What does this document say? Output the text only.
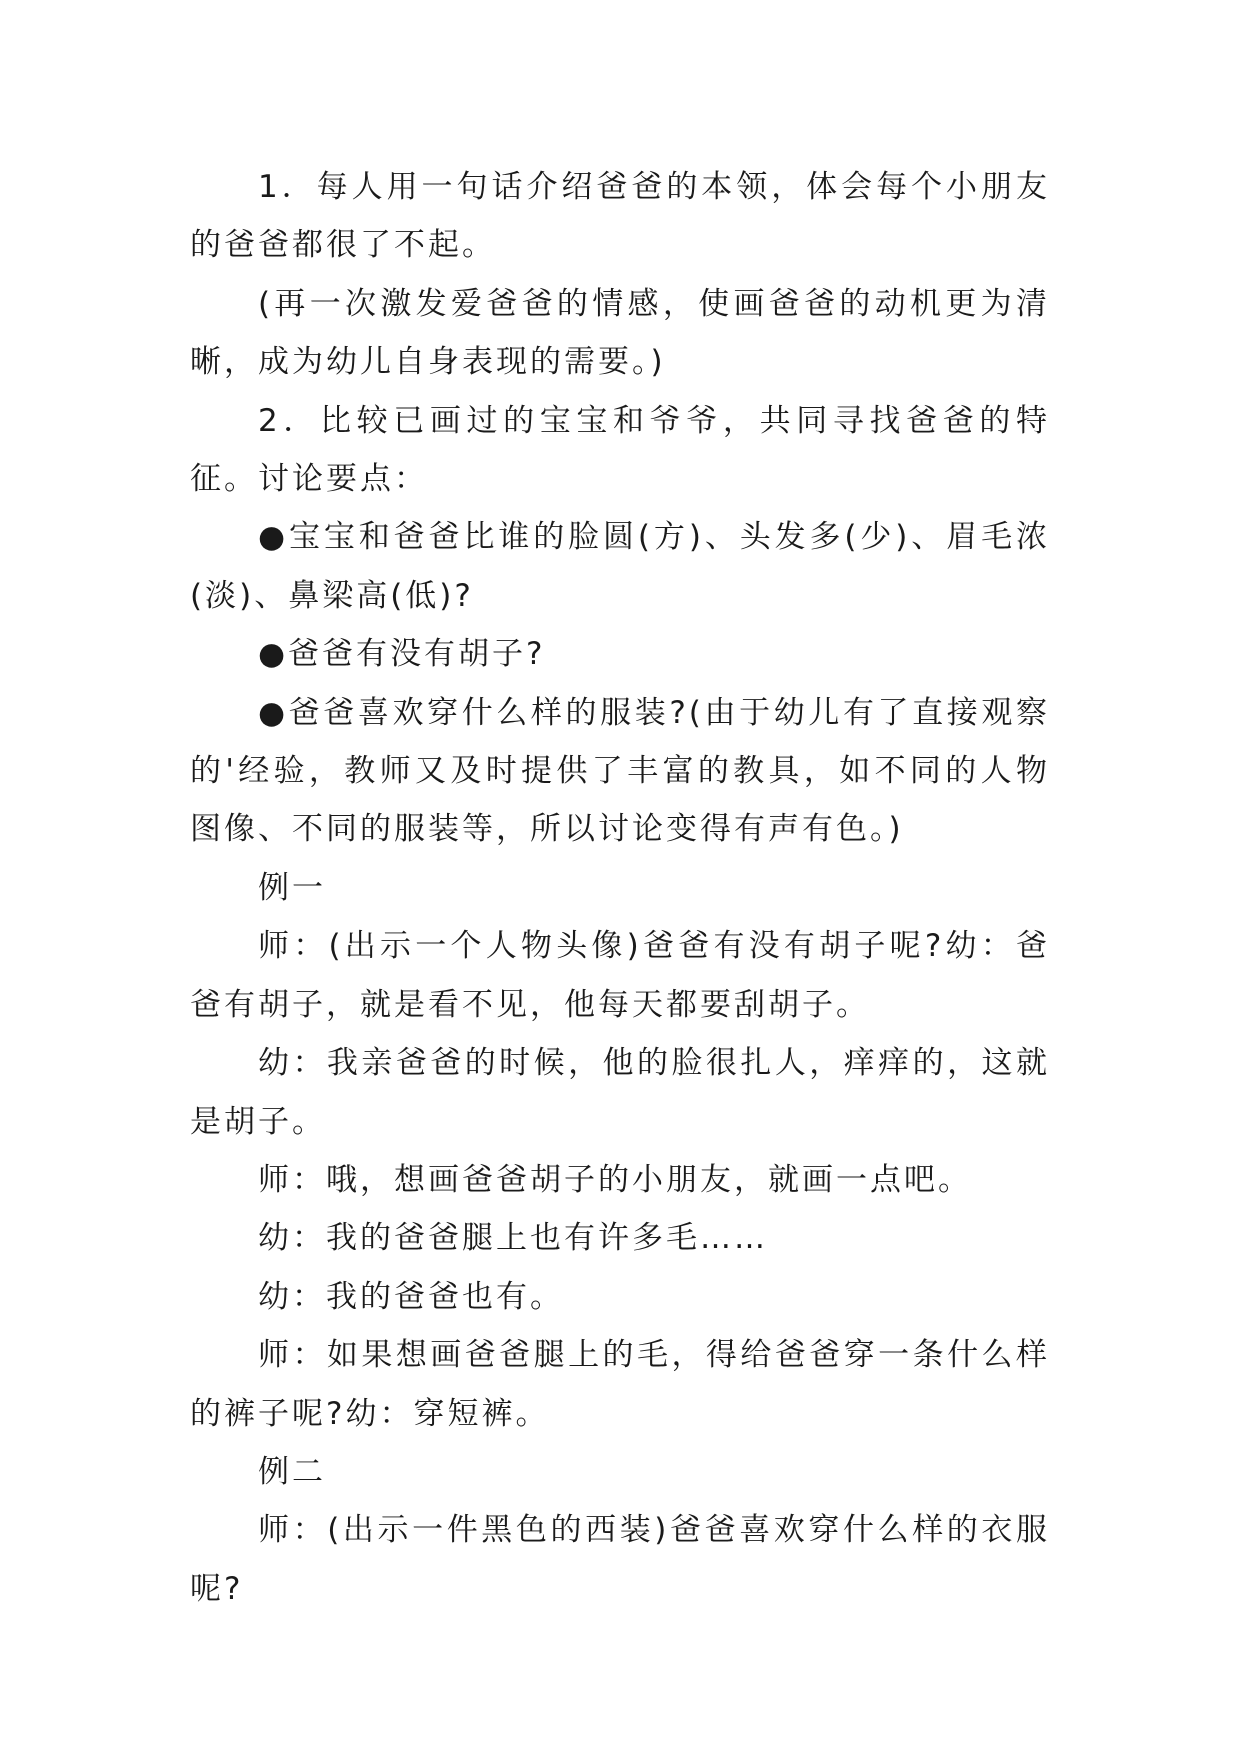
1．每人用一句话介绍爸爸的本领，体会每个小朋友的爸爸都很了不起。

(再一次激发爱爸爸的情感，使画爸爸的动机更为清晰，成为幼儿自身表现的需要。)

2．比较已画过的宝宝和爷爷，共同寻找爸爸的特征。讨论要点：

●宝宝和爸爸比谁的脸圆(方)、头发多(少)、眉毛浓(淡)、鼻梁高(低)?

●爸爸有没有胡子?

●爸爸喜欢穿什么样的服装?(由于幼儿有了直接观察的'经验，教师又及时提供了丰富的教具，如不同的人物图像、不同的服装等，所以讨论变得有声有色。)

例一

师：(出示一个人物头像)爸爸有没有胡子呢?幼：爸爸有胡子，就是看不见，他每天都要刮胡子。

幼：我亲爸爸的时候，他的脸很扎人，痒痒的，这就是胡子。

师：哦，想画爸爸胡子的小朋友，就画一点吧。

幼：我的爸爸腿上也有许多毛……

幼：我的爸爸也有。

师：如果想画爸爸腿上的毛，得给爸爸穿一条什么样的裤子呢?幼：穿短裤。

例二

师：(出示一件黑色的西装)爸爸喜欢穿什么样的衣服呢?
